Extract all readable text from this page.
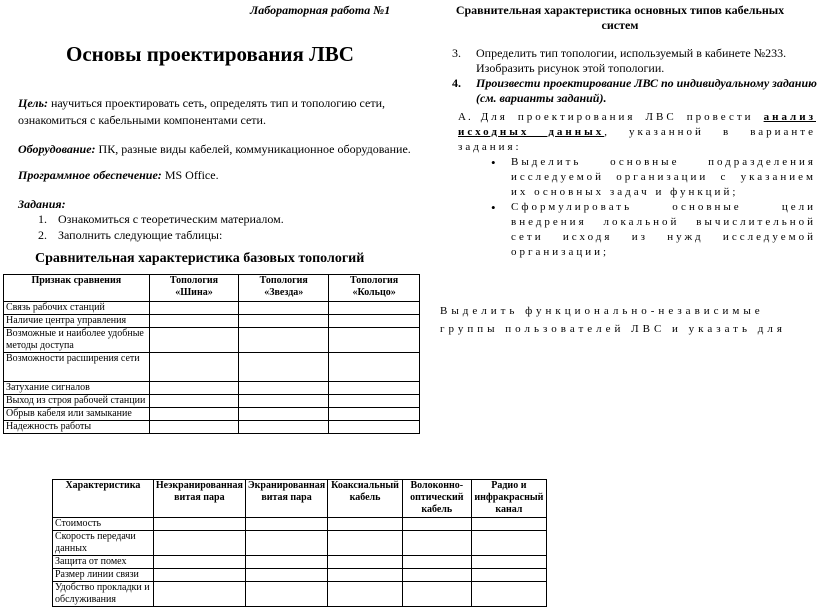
Лабораторная работа №1
Основы проектирования ЛВС
Цель: научиться проектировать сеть, определять тип и топологию сети, ознакомиться с кабельными компонентами сети.
Оборудование: ПК, разные виды кабелей, коммуникационное оборудование.
Программное обеспечение: MS Office.
Задания:
1. Ознакомиться с теоретическим материалом.
2. Заполнить следующие таблицы:
Сравнительная характеристика базовых топологий
Признак сравнения	Топология «Шина»	Топология «Звезда»	Топология «Кольцо»
Связь рабочих станций			
Наличие центра управления			
Возможные и наиболее удобные методы доступа			
Возможности расширения сети			
Затухание сигналов			
Выход из строя рабочей станции			
Обрыв кабеля или замыкание			
Надежность работы			
Характеристика	Неэкранированная витая пара	Экранированная витая пара	Коаксиальный кабель	Волоконно-оптический кабель	Радио и инфракрасный канал
Стоимость					
Скорость передачи данных					
Защита от помех					
Размер линии связи					
Удобство прокладки и обслуживания					
Сравнительная характеристика основных типов кабельных систем
3. Определить тип топологии, используемый в кабинете №233. Изобразить рисунок этой топологии.
4. Произвести проектирование ЛВС по индивидуальному заданию (см. варианты заданий).
А. Для проектирования ЛВС провести анализ исходных данных, указанной в варианте задания:
• Выделить основные подразделения исследуемой организации с указанием их основных задач и функций;
• Сформулировать основные цели внедрения локальной вычислительной сети исходя из нужд исследуемой организации;
Выделить функционально-независимые группы пользователей ЛВС и указать для
